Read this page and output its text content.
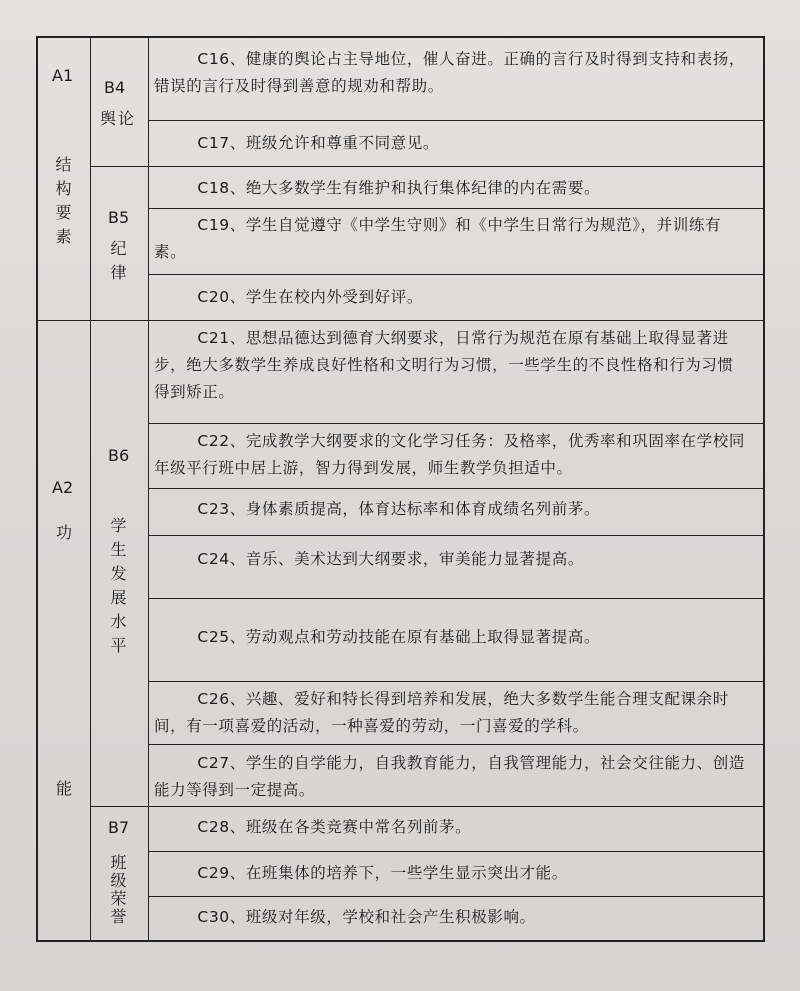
A1
结构要素
A2
功
能
B4
舆论
B5
纪律
B6
学生发展水平
B7
班级荣誉
C16、健康的舆论占主导地位，催人奋进。正确的言行及时得到支持和表扬，错误的言行及时得到善意的规劝和帮助。
C17、班级允许和尊重不同意见。
C18、绝大多数学生有维护和执行集体纪律的内在需要。
C19、学生自觉遵守《中学生守则》和《中学生日常行为规范》，并训练有素。
C20、学生在校内外受到好评。
C21、思想品德达到德育大纲要求，日常行为规范在原有基础上取得显著进步，绝大多数学生养成良好性格和文明行为习惯，一些学生的不良性格和行为习惯得到矫正。
C22、完成教学大纲要求的文化学习任务：及格率，优秀率和巩固率在学校同年级平行班中居上游，智力得到发展，师生教学负担适中。
C23、身体素质提高，体育达标率和体育成绩名列前茅。
C24、音乐、美术达到大纲要求，审美能力显著提高。
C25、劳动观点和劳动技能在原有基础上取得显著提高。
C26、兴趣、爱好和特长得到培养和发展，绝大多数学生能合理支配课余时间，有一项喜爱的活动，一种喜爱的劳动，一门喜爱的学科。
C27、学生的自学能力，自我教育能力，自我管理能力，社会交往能力、创造能力等得到一定提高。
C28、班级在各类竞赛中常名列前茅。
C29、在班集体的培养下，一些学生显示突出才能。
C30、班级对年级，学校和社会产生积极影响。
